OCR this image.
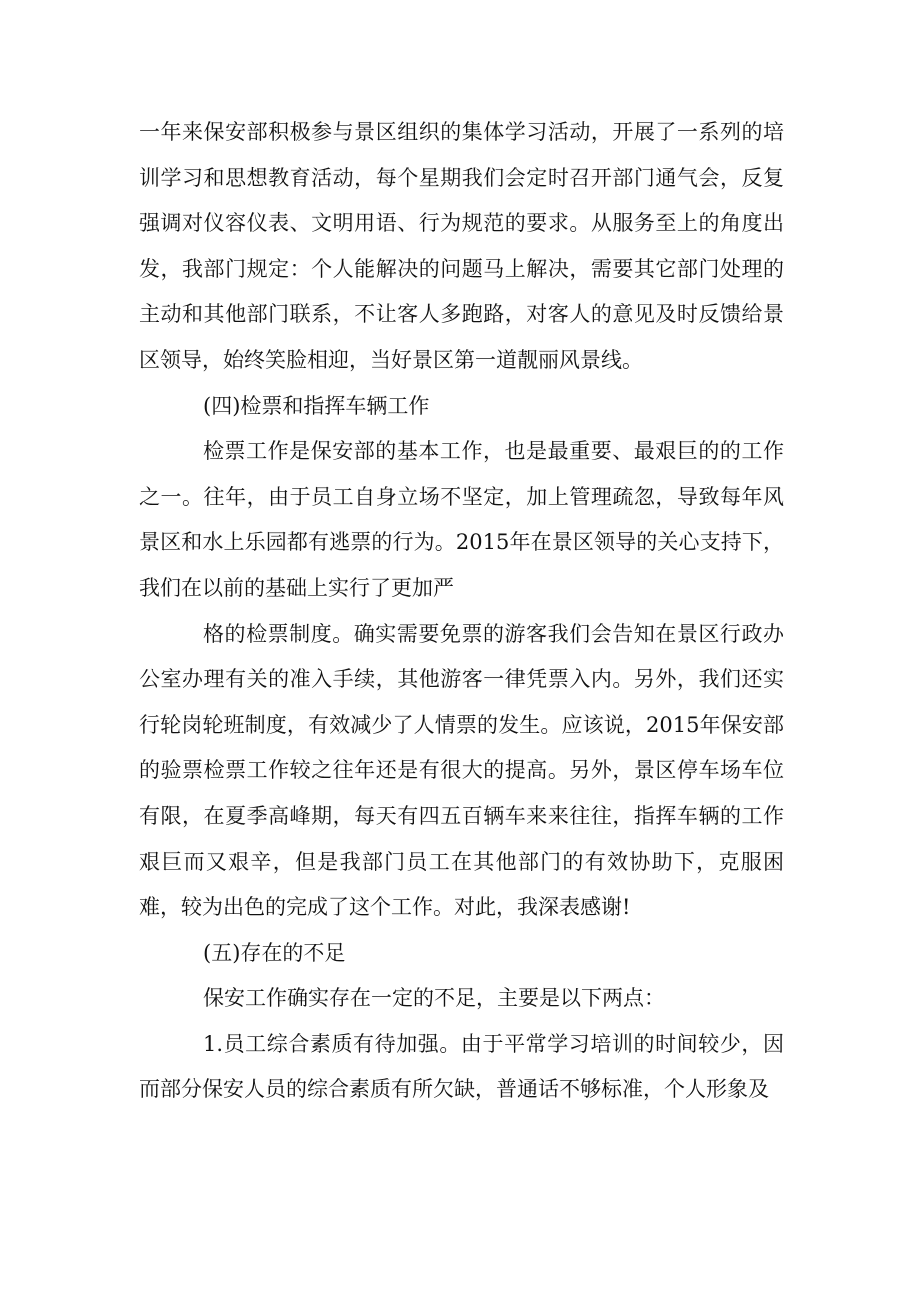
一年来保安部积极参与景区组织的集体学习活动，开展了一系列的培训学习和思想教育活动，每个星期我们会定时召开部门通气会，反复强调对仪容仪表、文明用语、行为规范的要求。从服务至上的角度出发，我部门规定：个人能解决的问题马上解决，需要其它部门处理的主动和其他部门联系，不让客人多跑路，对客人的意见及时反馈给景区领导，始终笑脸相迎，当好景区第一道靓丽风景线。

(四)检票和指挥车辆工作

检票工作是保安部的基本工作，也是最重要、最艰巨的的工作之一。往年，由于员工自身立场不坚定，加上管理疏忽，导致每年风景区和水上乐园都有逃票的行为。2015年在景区领导的关心支持下，我们在以前的基础上实行了更加严

格的检票制度。确实需要免票的游客我们会告知在景区行政办公室办理有关的准入手续，其他游客一律凭票入内。另外，我们还实行轮岗轮班制度，有效减少了人情票的发生。应该说，2015年保安部的验票检票工作较之往年还是有很大的提高。另外，景区停车场车位有限，在夏季高峰期，每天有四五百辆车来来往往，指挥车辆的工作艰巨而又艰辛，但是我部门员工在其他部门的有效协助下，克服困难，较为出色的完成了这个工作。对此，我深表感谢!

(五)存在的不足

保安工作确实存在一定的不足，主要是以下两点：

1.员工综合素质有待加强。由于平常学习培训的时间较少，因而部分保安人员的综合素质有所欠缺，普通话不够标准，个人形象及
